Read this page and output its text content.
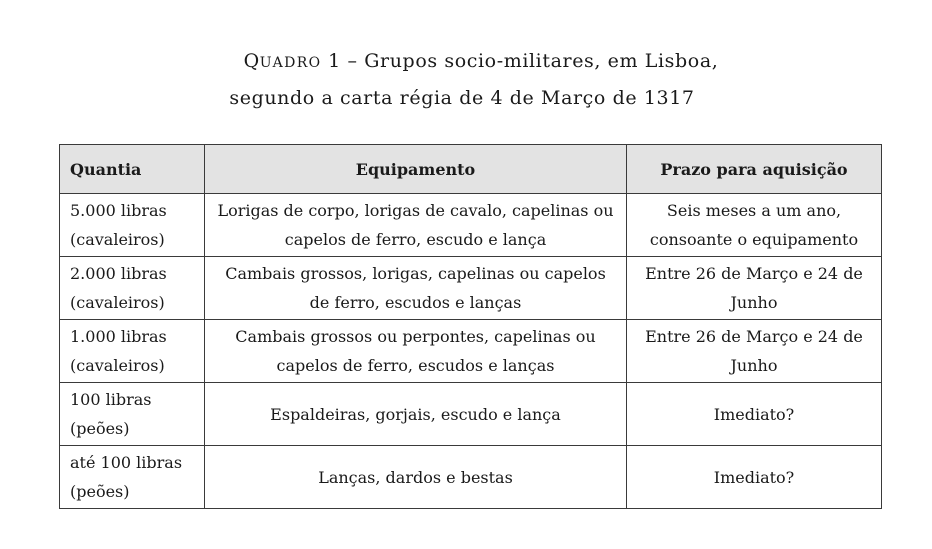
QUADRO 1 – Grupos socio-militares, em Lisboa,
segundo a carta régia de 4 de Março de 1317
Quantia	Equipamento	Prazo para aquisição

5.000 libras
(cavaleiros)	Lorigas de corpo, lorigas de cavalo, capelinas ou capelos de ferro, escudo e lança	Seis meses a um ano, consoante o equipamento

2.000 libras
(cavaleiros)	Cambais grossos, lorigas, capelinas ou capelos de ferro, escudos e lanças	Entre 26 de Março e 24 de Junho

1.000 libras
(cavaleiros)	Cambais grossos ou perpontes, capelinas ou capelos de ferro, escudos e lanças	Entre 26 de Março e 24 de Junho

100 libras
(peões)	Espaldeiras, gorjais, escudo e lança	Imediato?

até 100 libras
(peões)	Lanças, dardos e bestas	Imediato?
